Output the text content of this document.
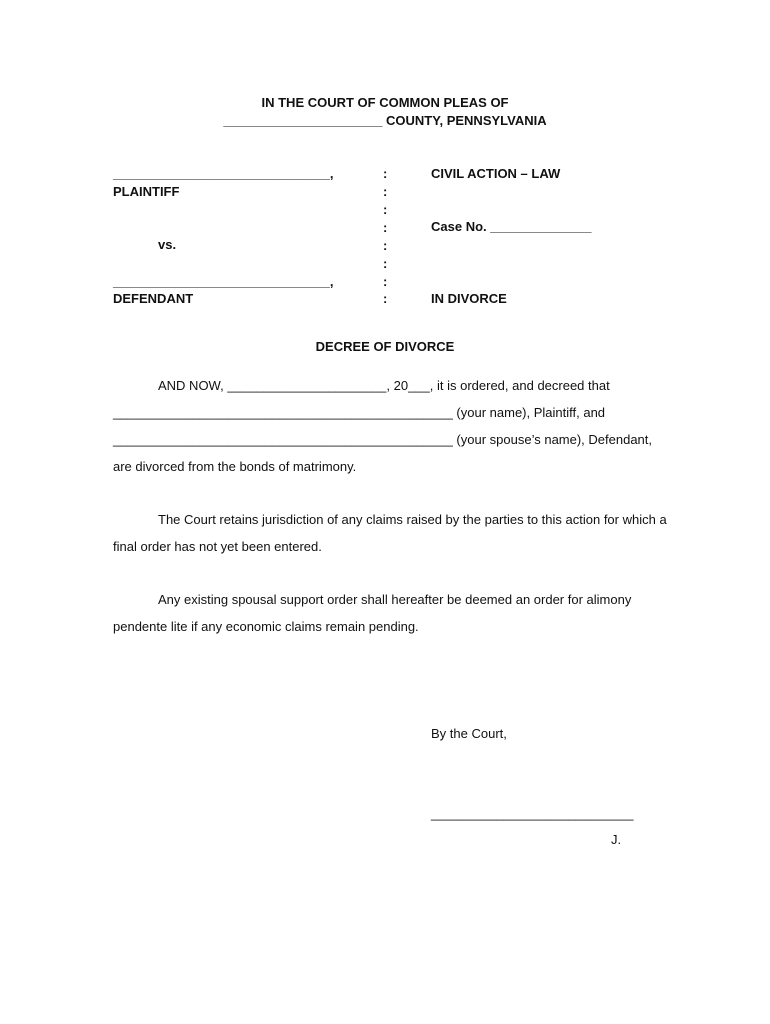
IN THE COURT OF COMMON PLEAS OF
______________________ COUNTY, PENNSYLVANIA
______________________________,
PLAINTIFF
vs.
______________________________,
DEFENDANT
:
:
:
:
:
:
:
:
CIVIL ACTION – LAW
Case No. ______________
IN DIVORCE
DECREE OF DIVORCE
AND NOW, ______________________, 20___, it is ordered, and decreed that
_______________________________________________ (your name), Plaintiff, and
_______________________________________________ (your spouse’s name), Defendant,
are divorced from the bonds of matrimony.
The Court retains jurisdiction of any claims raised by the parties to this action for which a
final order has not yet been entered.
Any existing spousal support order shall hereafter be deemed an order for alimony
pendente lite if any economic claims remain pending.
By the Court,
____________________________
J.
